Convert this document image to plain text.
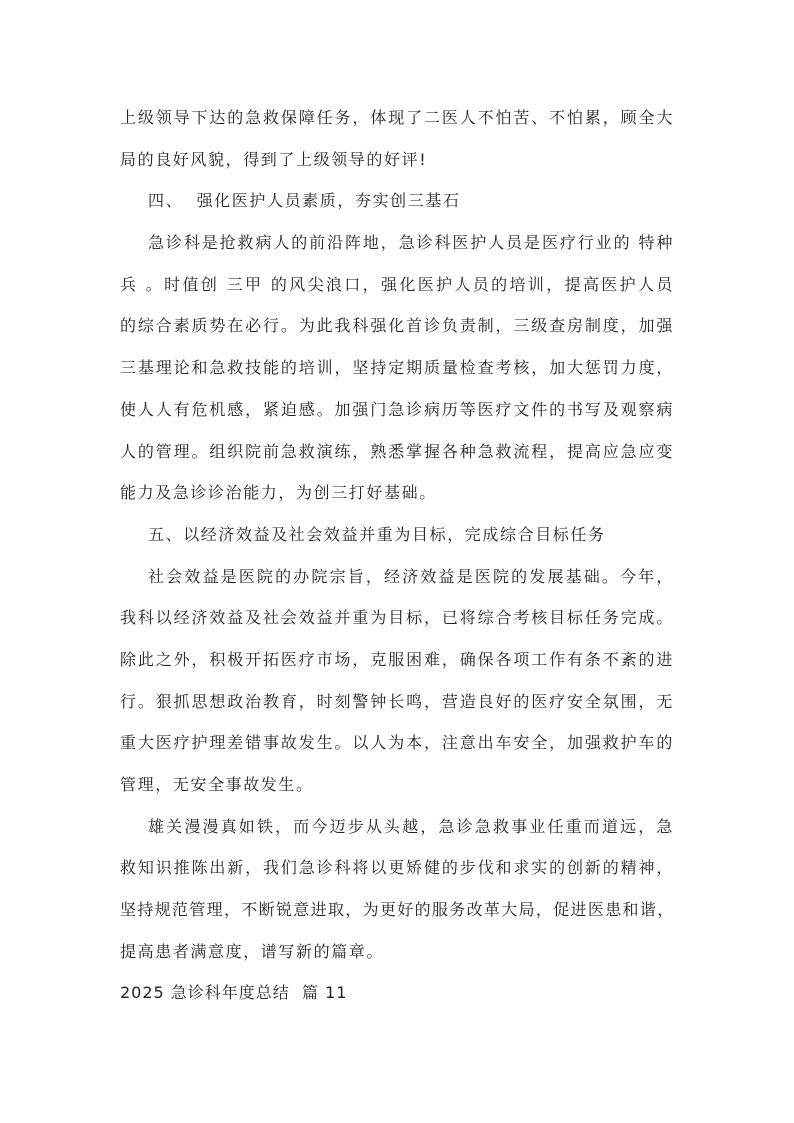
上级领导下达的急救保障任务，体现了二医人不怕苦、不怕累，顾全大
局的良好风貌，得到了上级领导的好评!
四、  强化医护人员素质，夯实创三基石
急诊科是抢救病人的前沿阵地，急诊科医护人员是医疗行业的 特种
兵 。时值创 三甲 的风尖浪口，强化医护人员的培训，提高医护人员
的综合素质势在必行。为此我科强化首诊负责制，三级查房制度，加强
三基理论和急救技能的培训，坚持定期质量检查考核，加大惩罚力度，
使人人有危机感，紧迫感。加强门急诊病历等医疗文件的书写及观察病
人的管理。组织院前急救演练，熟悉掌握各种急救流程，提高应急应变
能力及急诊诊治能力，为创三打好基础。
五、以经济效益及社会效益并重为目标，完成综合目标任务
社会效益是医院的办院宗旨，经济效益是医院的发展基础。今年，
我科以经济效益及社会效益并重为目标，已将综合考核目标任务完成。
除此之外，积极开拓医疗市场，克服困难，确保各项工作有条不紊的进
行。狠抓思想政治教育，时刻警钟长鸣，营造良好的医疗安全氛围，无
重大医疗护理差错事故发生。以人为本，注意出车安全，加强救护车的
管理，无安全事故发生。
雄关漫漫真如铁，而今迈步从头越，急诊急救事业任重而道远，急
救知识推陈出新，我们急诊科将以更矫健的步伐和求实的创新的精神，
坚持规范管理，不断锐意进取，为更好的服务改革大局，促进医患和谐，
提高患者满意度，谱写新的篇章。
2025 急诊科年度总结  篇 11
